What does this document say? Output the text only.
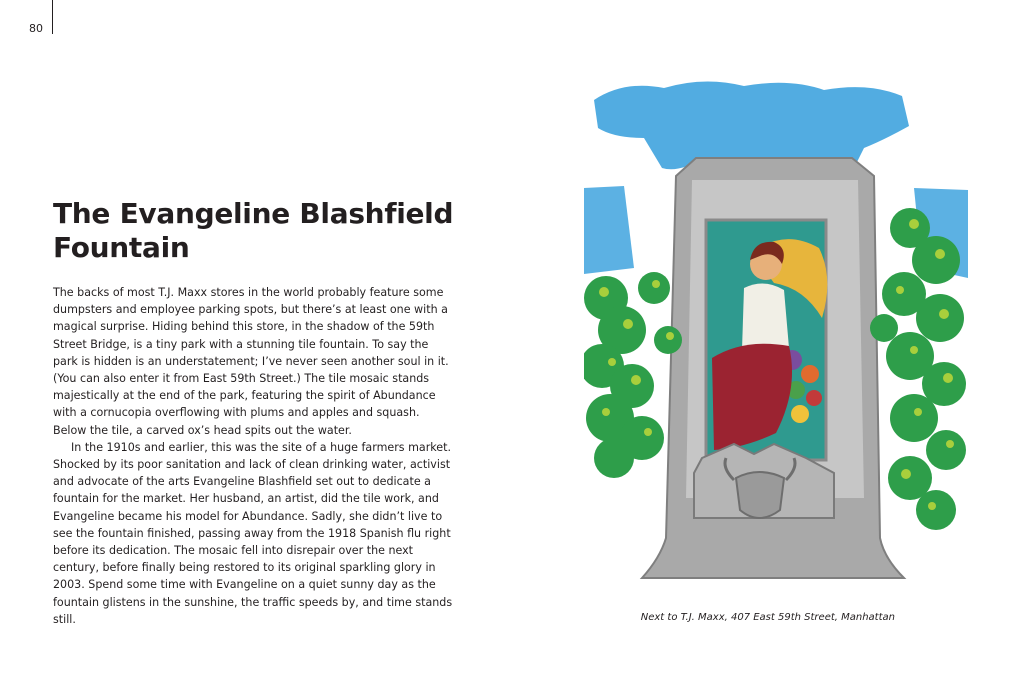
80
The Evangeline Blashfield Fountain

The backs of most T.J. Maxx stores in the world probably feature some dumpsters and employee parking spots, but there’s at least one with a magical surprise. Hiding behind this store, in the shadow of the 59th Street Bridge, is a tiny park with a stunning tile fountain. To say the park is hidden is an understatement; I’ve never seen another soul in it. (You can also enter it from East 59th Street.) The tile mosaic stands majestically at the end of the park, featuring the spirit of Abundance with a cornucopia overflowing with plums and apples and squash. Below the tile, a carved ox’s head spits out the water.

In the 1910s and earlier, this was the site of a huge farmers market. Shocked by its poor sanitation and lack of clean drinking water, activist and advocate of the arts Evangeline Blashfield set out to dedicate a fountain for the market. Her husband, an artist, did the tile work, and Evangeline became his model for Abundance. Sadly, she didn’t live to see the fountain finished, passing away from the 1918 Spanish flu right before its dedication. The mosaic fell into disrepair over the next century, before finally being restored to its original sparkling glory in 2003. Spend some time with Evangeline on a quiet sunny day as the fountain glistens in the sunshine, the traffic speeds by, and time stands still.	Next to T.J. Maxx, 407 East 59th Street, Manhattan
